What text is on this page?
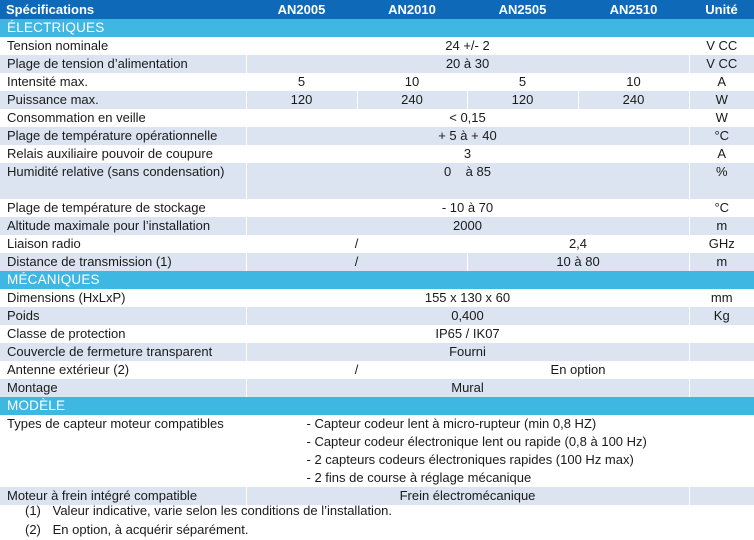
Spécifications	AN2005	AN2010	AN2505	AN2510	Unité
ÉLECTRIQUES					
Tension nominale	24 +/- 2				V CC
Plage de tension d’alimentation	20 à 30				V CC
Intensité max.	5	10	5	10	A
Puissance max.	120	240	120	240	W
Consommation en veille	< 0,15				W
Plage de température opérationnelle	+ 5 à + 40				°C
Relais auxiliaire pouvoir de coupure	3				A
Humidité relative (sans condensation)	0    à 85				%
Plage de température de stockage	- 10 à 70				°C
Altitude maximale pour l’installation	2000				m
Liaison radio	/		2,4		GHz
Distance de transmission (1)	/		10 à 80		m
MÉCANIQUES					
Dimensions (HxLxP)	155 x 130 x 60				mm
Poids	0,400				Kg
Classe de protection	IP65 / IK07				
Couvercle de fermeture transparent	Fourni				
Antenne extérieur (2)	/		En option		
Montage	Mural				
MODÈLE					
Types de capteur moteur compatibles	- Capteur codeur lent à micro-rupteur (min 0,8 HZ)
- Capteur codeur électronique lent ou rapide (0,8 à 100 Hz)
- 2 capteurs codeurs électroniques rapides (100 Hz max)
- 2 fins de course à réglage mécanique				

Moteur à frein intégré compatible	Frein électromécanique				
(1) Valeur indicative, varie selon les conditions de l’installation.
(2) En option, à acquérir séparément.
